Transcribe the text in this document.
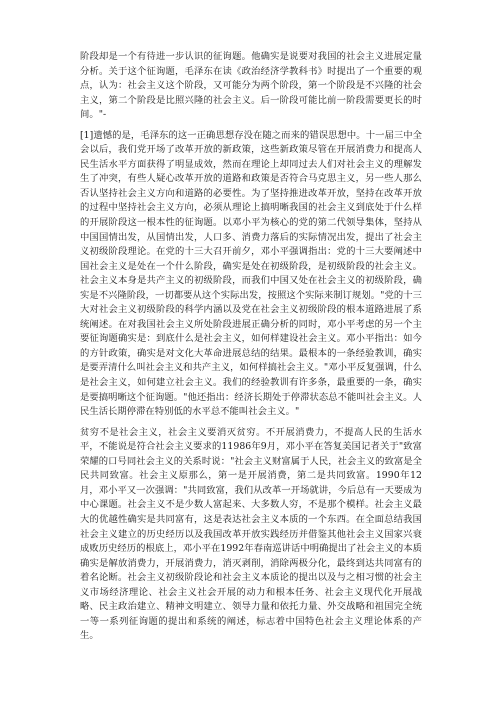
阶段却是一个有待进一步认识的征询题。他确实是说要对我国的社会主义进展定量分析。关于这个征询题，毛泽东在读《政治经济学教科书》时提出了一个重要的观点，认为：社会主义这个阶段，又可能分为两个阶段，第一个阶段是不兴隆的社会主义，第二个阶段是比照兴隆的社会主义。后一阶段可能比前一阶段需要更长的时间。"-

[1]遗憾的是，毛泽东的这一正确思想存没在随之而来的错误思想中。十一届三中全会以后，我们党开场了改革开放的新政策，这些新政策尽管在开展消费力和提高人民生活水平方面获得了明显成效，然而在理论上却同过去人们对社会主义的理解发生了冲突，有些人疑心改革开放的道路和政策是否符合马克思主义，另一些人那么否认坚持社会主义方向和道路的必要性。为了坚持推进改革开放，坚持在改革开放的过程中坚持社会主义方向，必须从理论上搞明晰我国的社会主义到底处于什么样的开展阶段这一根本性的征询题。以邓小平为核心的党的第二代领导集体，坚持从中国国情出发，从国情出发，人口多、消费力落后的实际情况出发，提出了社会主义初级阶段理论。在党的十三大召开前夕，邓小平强调指出：党的十三大要阐述中国社会主义是处在一个什么阶段，确实是处在初级阶段，是初级阶段的社会主义。社会主义本身是共产主义的初级阶段，而我们中国又处在社会主义的初级阶段，确实是不兴隆阶段，一切都要从这个实际出发，按照这个实际来制订规划。"党的十三大对社会主义初级阶段的科学内涵以及党在社会主义初级阶段的根本道路进展了系统阐述。在对我国社会主义所处阶段进展正确分析的同时，邓小平考虑的另一个主要征询题确实是：到底什么是社会主义，如何样建设社会主义。邓小平指出：如今的方针政策，确实是对文化大革命进展总结的结果。最根本的一条经验教训，确实是要弄清什么叫社会主义和共产主义，如何样搞社会主义。"邓小平反复强调，什么是社会主义，如何建立社会主义。我们的经验教训有许多条，最重要的一条，确实是要搞明晰这个征询题。"他还指出：经济长期处于停滞状态总不能叫社会主义。人民生活长期停滞在特别低的水平总不能叫社会主义。"

贫穷不是社会主义，社会主义要消灭贫穷。不开展消费力，不提高人民的生活水平，不能说是符合社会主义要求的11986年9月，邓小平在答复美国记者关于"致富荣耀的口号同社会主义的关系时说："社会主义财富属于人民，社会主义的致富是全民共同致富。社会主义原那么，第一是开展消费，第二是共同致富。1990年12月，邓小平又一次强调："共同致富，我们从改革一开场就讲，今后总有一天要成为中心课题。社会主义不是少数人富起来、大多数人穷，不是那个模样。社会主义最大的优越性确实是共同富有，这是表达社会主义本质的一个东西。在全面总结我国社会主义建立的历史经历以及我国改革开放实践经历并借鉴其他社会主义国家兴衰成败历史经历的根底上，邓小平在1992年春南巡讲话中明确提出了社会主义的本质确实是解放消费力，开展消费力，消灭剥削，消除两极分化，最终到达共同富有的着名论断。社会主义初级阶段论和社会主义本质论的提出以及与之相习惯的社会主义市场经济理论、社会主义社会开展的动力和根本任务、社会主义现代化开展战略、民主政治建立、精神文明建立、领导力量和依托力量、外交战略和祖国完全统一等一系列征询题的提出和系统的阐述，标志着中国特色社会主义理论体系的产生。
